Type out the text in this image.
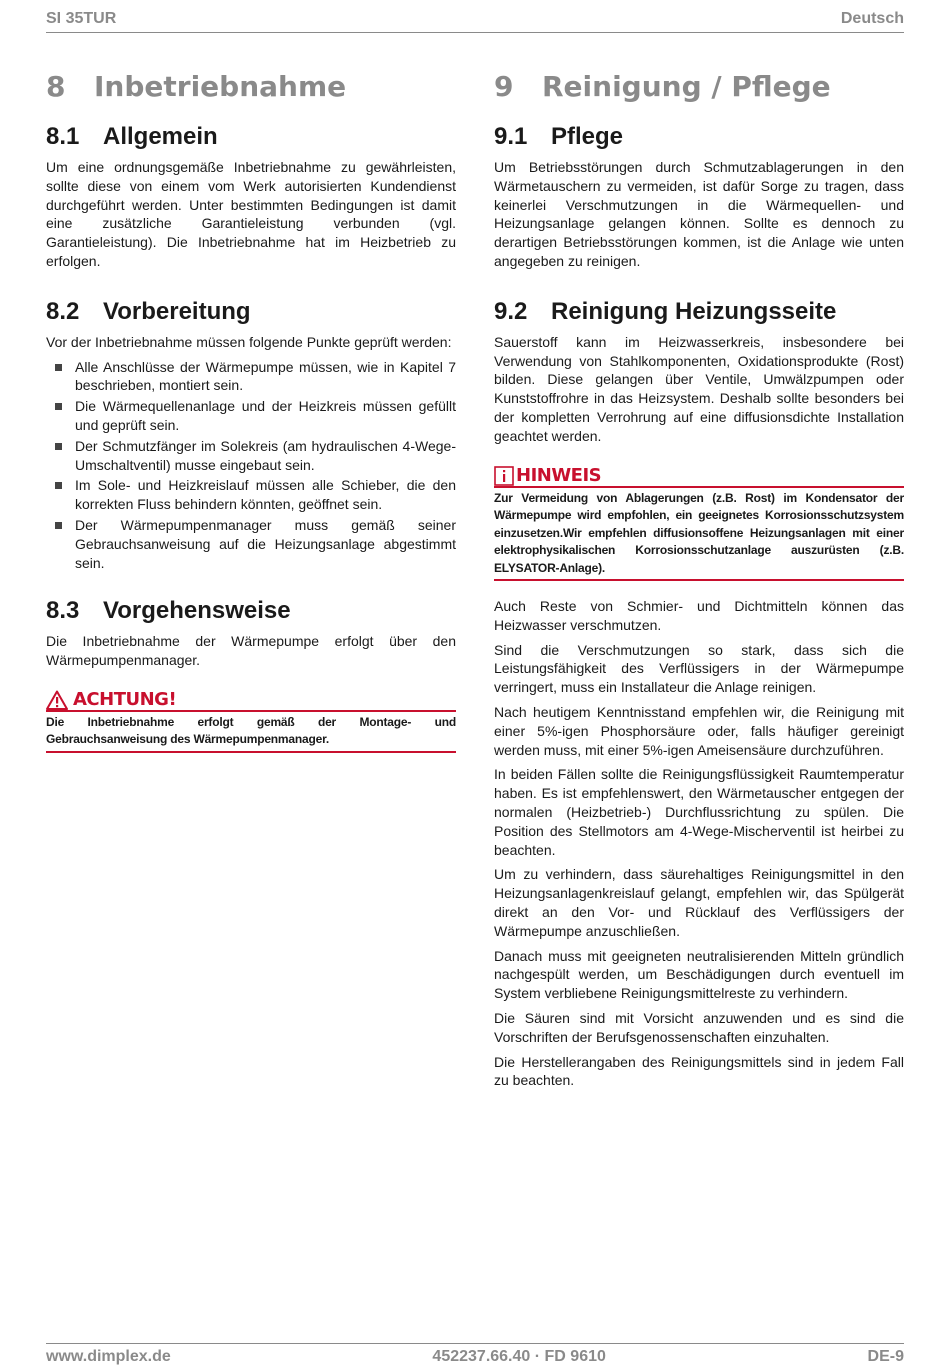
SI 35TUR	Deutsch
8	Inbetriebnahme
8.1 Allgemein

Um eine ordnungsgemäße Inbetriebnahme zu gewährleisten, sollte diese von einem vom Werk autorisierten Kundendienst durchgeführt werden. Unter bestimmten Bedingungen ist damit eine zusätzliche Garantieleistung verbunden (vgl. Garantieleistung). Die Inbetriebnahme hat im Heizbetrieb zu erfolgen.

8.2 Vorbereitung

Vor der Inbetriebnahme müssen folgende Punkte geprüft werden:

Alle Anschlüsse der Wärmepumpe müssen, wie in Kapitel 7 beschrieben, montiert sein.
Die Wärmequellenanlage und der Heizkreis müssen gefüllt und geprüft sein.
Der Schmutzfänger im Solekreis (am hydraulischen 4-Wege-Umschaltventil) musse eingebaut sein.
Im Sole- und Heizkreislauf müssen alle Schieber, die den korrekten Fluss behindern könnten, geöffnet sein.
Der Wärmepumpenmanager muss gemäß seiner Gebrauchsanweisung auf die Heizungsanlage abgestimmt sein.
8.3 Vorgehensweise

Die Inbetriebnahme der Wärmepumpe erfolgt über den Wärmepumpenmanager.

ACHTUNG!
Die Inbetriebnahme erfolgt gemäß der Montage- und Gebrauchsanweisung des Wärmepumpenmanager.
9	Reinigung / Pflege
9.1 Pflege

Um Betriebsstörungen durch Schmutzablagerungen in den Wärmetauschern zu vermeiden, ist dafür Sorge zu tragen, dass keinerlei Verschmutzungen in die Wärmequellen- und Heizungsanlage gelangen können. Sollte es dennoch zu derartigen Betriebsstörungen kommen, ist die Anlage wie unten angegeben zu reinigen.

9.2 Reinigung Heizungsseite

Sauerstoff kann im Heizwasserkreis, insbesondere bei Verwendung von Stahlkomponenten, Oxidationsprodukte (Rost) bilden. Diese gelangen über Ventile, Umwälzpumpen oder Kunststoffrohre in das Heizsystem. Deshalb sollte besonders bei der kompletten Verrohrung auf eine diffusionsdichte Installation geachtet werden.

HINWEIS
Zur Vermeidung von Ablagerungen (z.B. Rost) im Kondensator der Wärmepumpe wird empfohlen, ein geeignetes Korrosionsschutzsystem einzusetzen.Wir empfehlen diffusionsoffene Heizungsanlagen mit einer elektrophysikalischen Korrosionsschutzanlage auszurüsten (z.B. ELYSATOR-Anlage).

Auch Reste von Schmier- und Dichtmitteln können das Heizwasser verschmutzen.

Sind die Verschmutzungen so stark, dass sich die Leistungsfähigkeit des Verflüssigers in der Wärmepumpe verringert, muss ein Installateur die Anlage reinigen.

Nach heutigem Kenntnisstand empfehlen wir, die Reinigung mit einer 5%-igen Phosphorsäure oder, falls häufiger gereinigt werden muss, mit einer 5%-igen Ameisensäure durchzuführen.

In beiden Fällen sollte die Reinigungsflüssigkeit Raumtemperatur haben. Es ist empfehlenswert, den Wärmetauscher entgegen der normalen (Heizbetrieb-) Durchflussrichtung zu spülen. Die Position des Stellmotors am 4-Wege-Mischerventil ist heirbei zu beachten.

Um zu verhindern, dass säurehaltiges Reinigungsmittel in den Heizungsanlagenkreislauf gelangt, empfehlen wir, das Spülgerät direkt an den Vor- und Rücklauf des Verflüssigers der Wärmepumpe anzuschließen.

Danach muss mit geeigneten neutralisierenden Mitteln gründlich nachgespült werden, um Beschädigungen durch eventuell im System verbliebene Reinigungsmittelreste zu verhindern.

Die Säuren sind mit Vorsicht anzuwenden und es sind die Vorschriften der Berufsgenossenschaften einzuhalten.

Die Herstellerangaben des Reinigungsmittels sind in jedem Fall zu beachten.

www.dimplex.de	452237.66.40 · FD 9610	DE-9
